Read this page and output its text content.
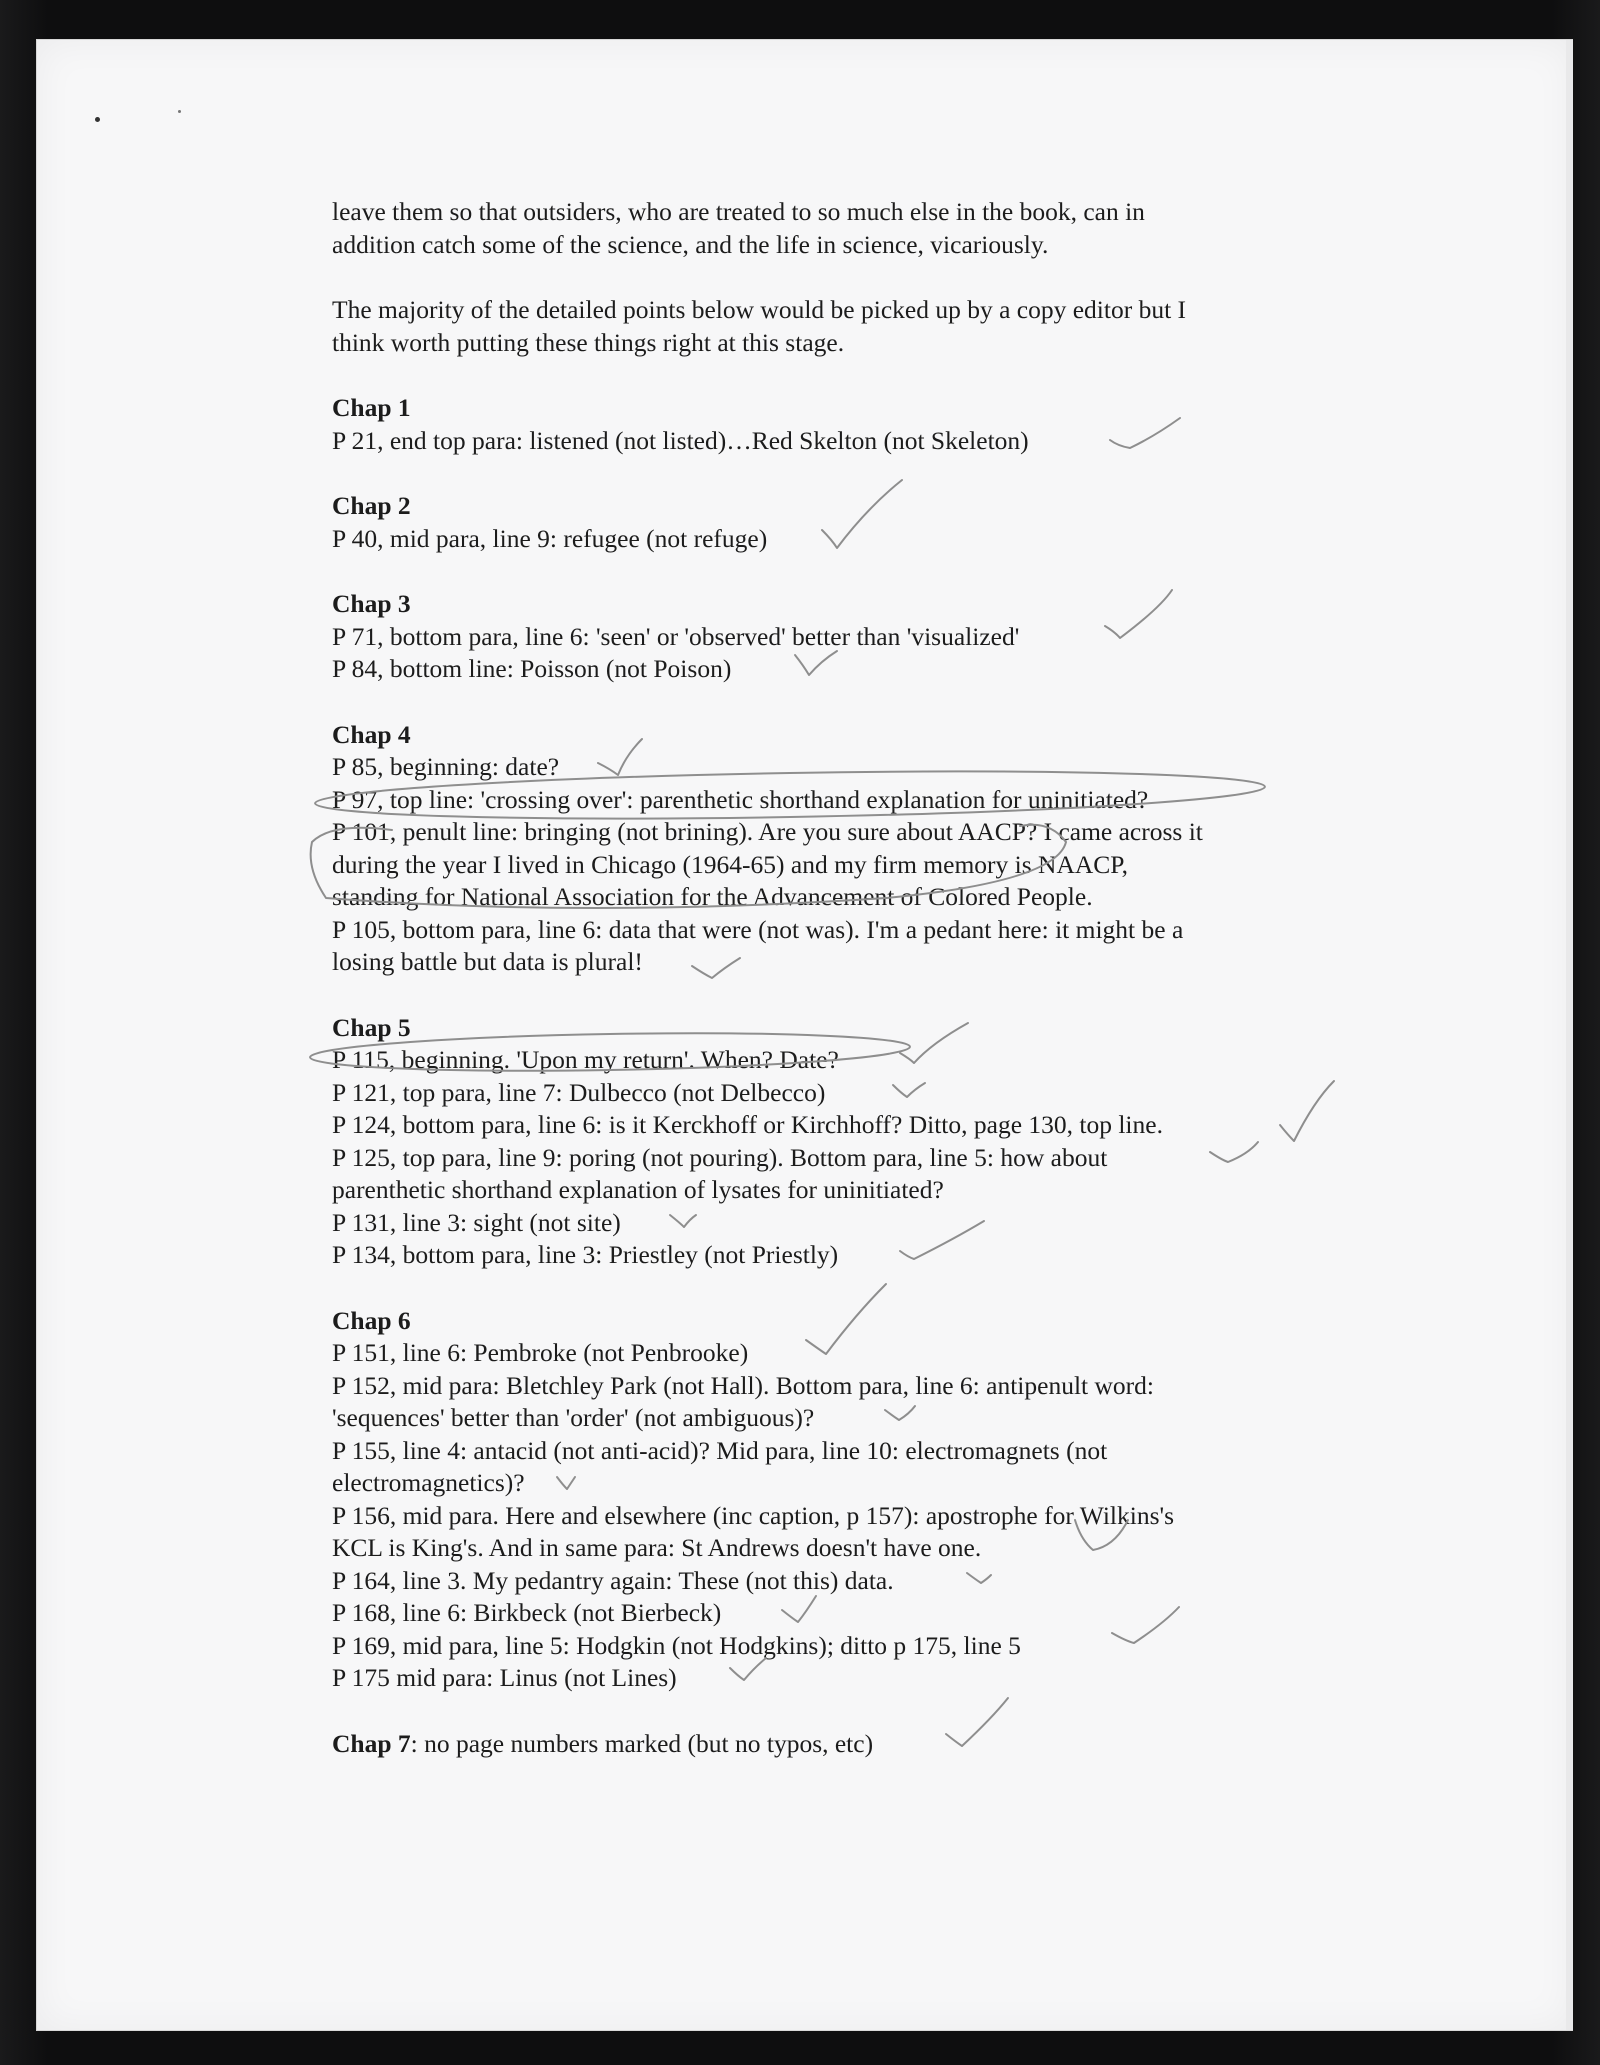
leave them so that outsiders, who are treated to so much else in the book, can in
addition catch some of the science, and the life in science, vicariously.

The majority of the detailed points below would be picked up by a copy editor but I
think worth putting these things right at this stage.

Chap 1
P 21, end top para: listened (not listed)…Red Skelton (not Skeleton)
Chap 2
P 40, mid para, line 9: refugee (not refuge)
Chap 3
P 71, bottom para, line 6: 'seen' or 'observed' better than 'visualized'
P 84, bottom line: Poisson (not Poison)
Chap 4
P 85, beginning: date?
P 97, top line: 'crossing over': parenthetic shorthand explanation for uninitiated?
P 101, penult line: bringing (not brining). Are you sure about AACP? I came across it
during the year I lived in Chicago (1964-65) and my firm memory is NAACP,
standing for National Association for the Advancement of Colored People.
P 105, bottom para, line 6: data that were (not was). I'm a pedant here: it might be a
losing battle but data is plural!
Chap 5
P 115, beginning. 'Upon my return'. When? Date?
P 121, top para, line 7: Dulbecco (not Delbecco)
P 124, bottom para, line 6: is it Kerckhoff or Kirchhoff? Ditto, page 130, top line.
P 125, top para, line 9: poring (not pouring). Bottom para, line 5: how about
parenthetic shorthand explanation of lysates for uninitiated?
P 131, line 3: sight (not site)
P 134, bottom para, line 3: Priestley (not Priestly)
Chap 6
P 151, line 6: Pembroke (not Penbrooke)
P 152, mid para: Bletchley Park (not Hall). Bottom para, line 6: antipenult word:
'sequences' better than 'order' (not ambiguous)?
P 155, line 4: antacid (not anti-acid)? Mid para, line 10: electromagnets (not
electromagnetics)?
P 156, mid para. Here and elsewhere (inc caption, p 157): apostrophe for Wilkins's
KCL is King's. And in same para: St Andrews doesn't have one.
P 164, line 3. My pedantry again: These (not this) data.
P 168, line 6: Birkbeck (not Bierbeck)
P 169, mid para, line 5: Hodgkin (not Hodgkins); ditto p 175, line 5
P 175 mid para: Linus (not Lines)

Chap 7: no page numbers marked (but no typos, etc)
